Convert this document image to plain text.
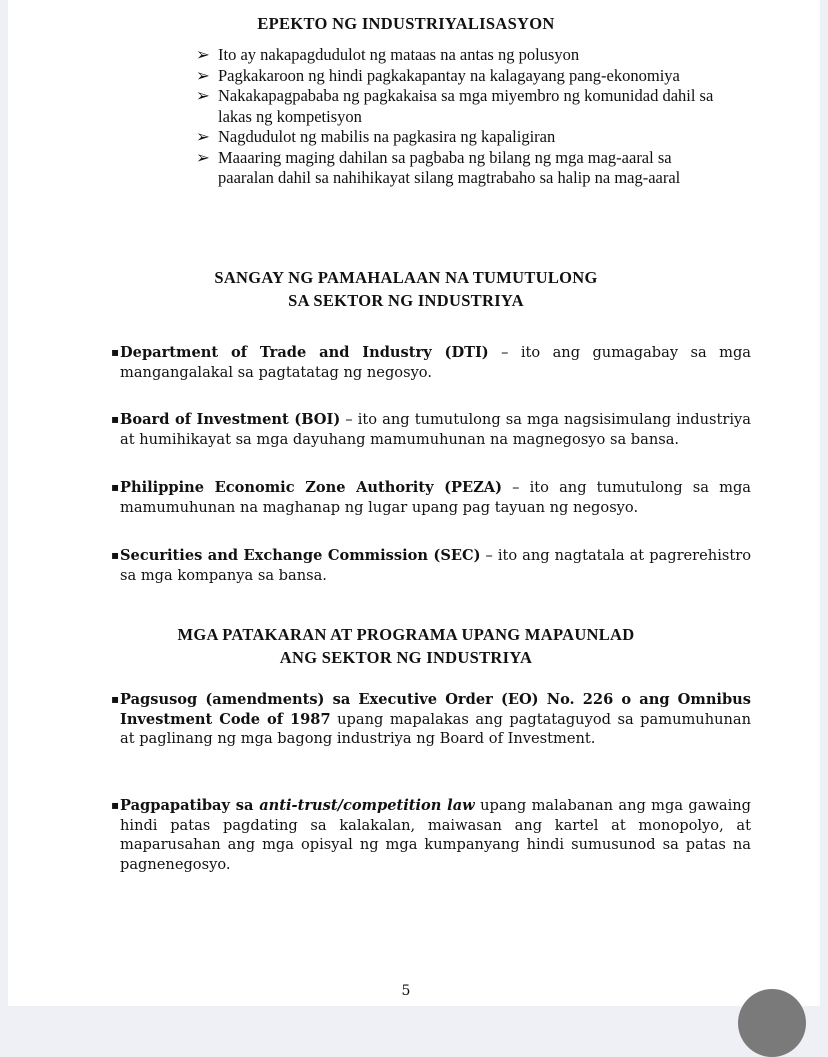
EPEKTO NG INDUSTRIYALISASYON
➢ Ito ay nakapagdudulot ng mataas na antas ng polusyon
➢ Pagkakaroon ng hindi pagkakapantay na kalagayang pang-ekonomiya
➢ Nakakapagpababa ng pagkakaisa sa mga miyembro ng komunidad dahil sa lakas ng kompetisyon
➢ Nagdudulot ng mabilis na pagkasira ng kapaligiran
➢ Maaaring maging dahilan sa pagbaba ng bilang ng mga mag-aaral sa paaralan dahil sa nahihikayat silang magtrabaho sa halip na mag-aaral
SANGAY NG PAMAHALAAN NA TUMUTULONG
SA SEKTOR NG INDUSTRIYA
▪ Department of Trade and Industry (DTI) – ito ang gumagabay sa mga mangangalakal sa pagtatatag ng negosyo.
▪ Board of Investment (BOI) – ito ang tumutulong sa mga nagsisimulang industriya at humihikayat sa mga dayuhang mamumuhunan na magnegosyo sa bansa.
▪ Philippine Economic Zone Authority (PEZA) – ito ang tumutulong sa mga mamumuhunan na maghanap ng lugar upang pag tayuan ng negosyo.
▪ Securities and Exchange Commission (SEC) – ito ang nagtatala at pagrerehistro sa mga kompanya sa bansa.
MGA PATAKARAN AT PROGRAMA UPANG MAPAUNLAD
ANG SEKTOR NG INDUSTRIYA
▪ Pagsusog (amendments) sa Executive Order (EO) No. 226 o ang Omnibus Investment Code of 1987 upang mapalakas ang pagtataguyod sa pamumuhunan at paglinang ng mga bagong industriya ng Board of Investment.
▪ Pagpapatibay sa anti-trust/competition law upang malabanan ang mga gawaing hindi patas pagdating sa kalakalan, maiwasan ang kartel at monopolyo, at maparusahan ang mga opisyal ng mga kumpanyang hindi sumusunod sa patas na pagnenegosyo.
5
